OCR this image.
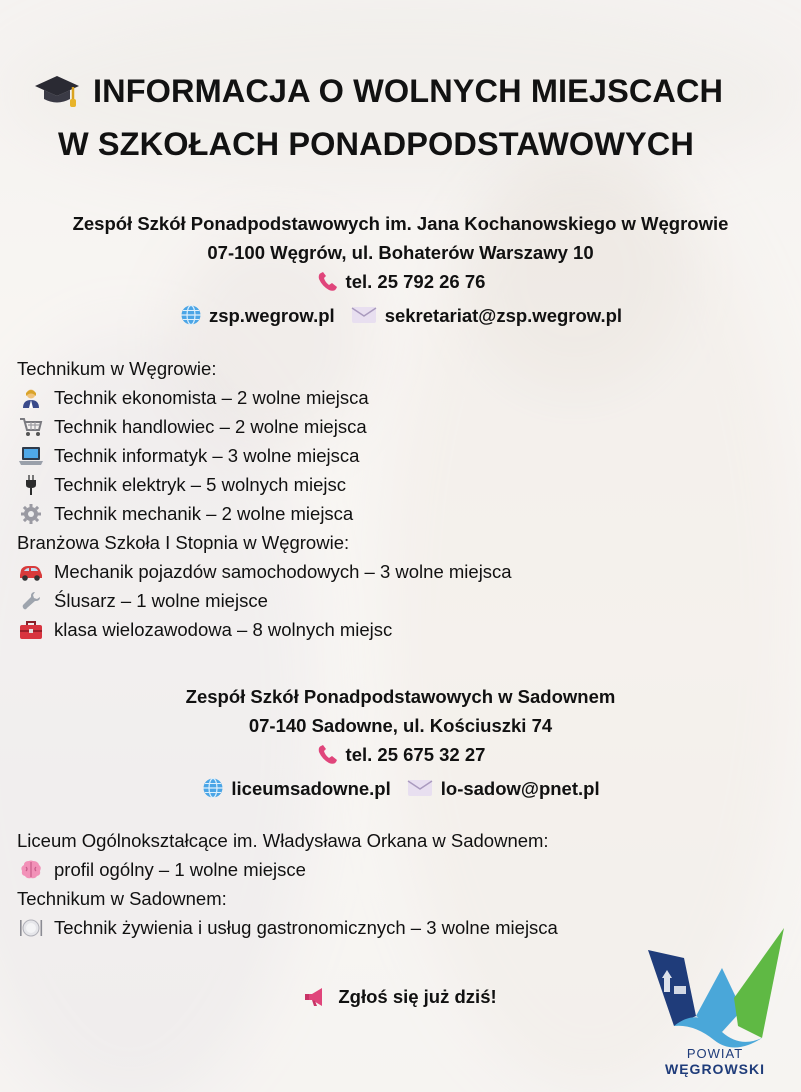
INFORMACJA O WOLNYCH MIEJSCACH
W SZKOŁACH PONADPODSTAWOWYCH
Zespół Szkół Ponadpodstawowych im. Jana Kochanowskiego w Węgrowie
07-100 Węgrów, ul. Bohaterów Warszawy 10
tel. 25 792 26 76
zsp.wegrow.pl	sekretariat@zsp.wegrow.pl
Technikum w Węgrowie:
Technik ekonomista – 2 wolne miejsca
Technik handlowiec – 2 wolne miejsca
Technik informatyk – 3 wolne miejsca
Technik elektryk – 5 wolnych miejsc
Technik mechanik – 2 wolne miejsca
Branżowa Szkoła I Stopnia w Węgrowie:
Mechanik pojazdów samochodowych – 3 wolne miejsca
Ślusarz – 1 wolne miejsce
klasa wielozawodowa – 8 wolnych miejsc
Zespół Szkół Ponadpodstawowych w Sadownem
07-140 Sadowne, ul. Kościuszki 74
tel. 25 675 32 27
liceumsadowne.pl	lo-sadow@pnet.pl
Liceum Ogólnokształcące im. Władysława Orkana w Sadownem:
profil ogólny – 1 wolne miejsce
Technikum w Sadownem:
Technik żywienia i usług gastronomicznych – 3 wolne miejsca
Zgłoś się już dziś!
POWIAT
WĘGROWSKI
